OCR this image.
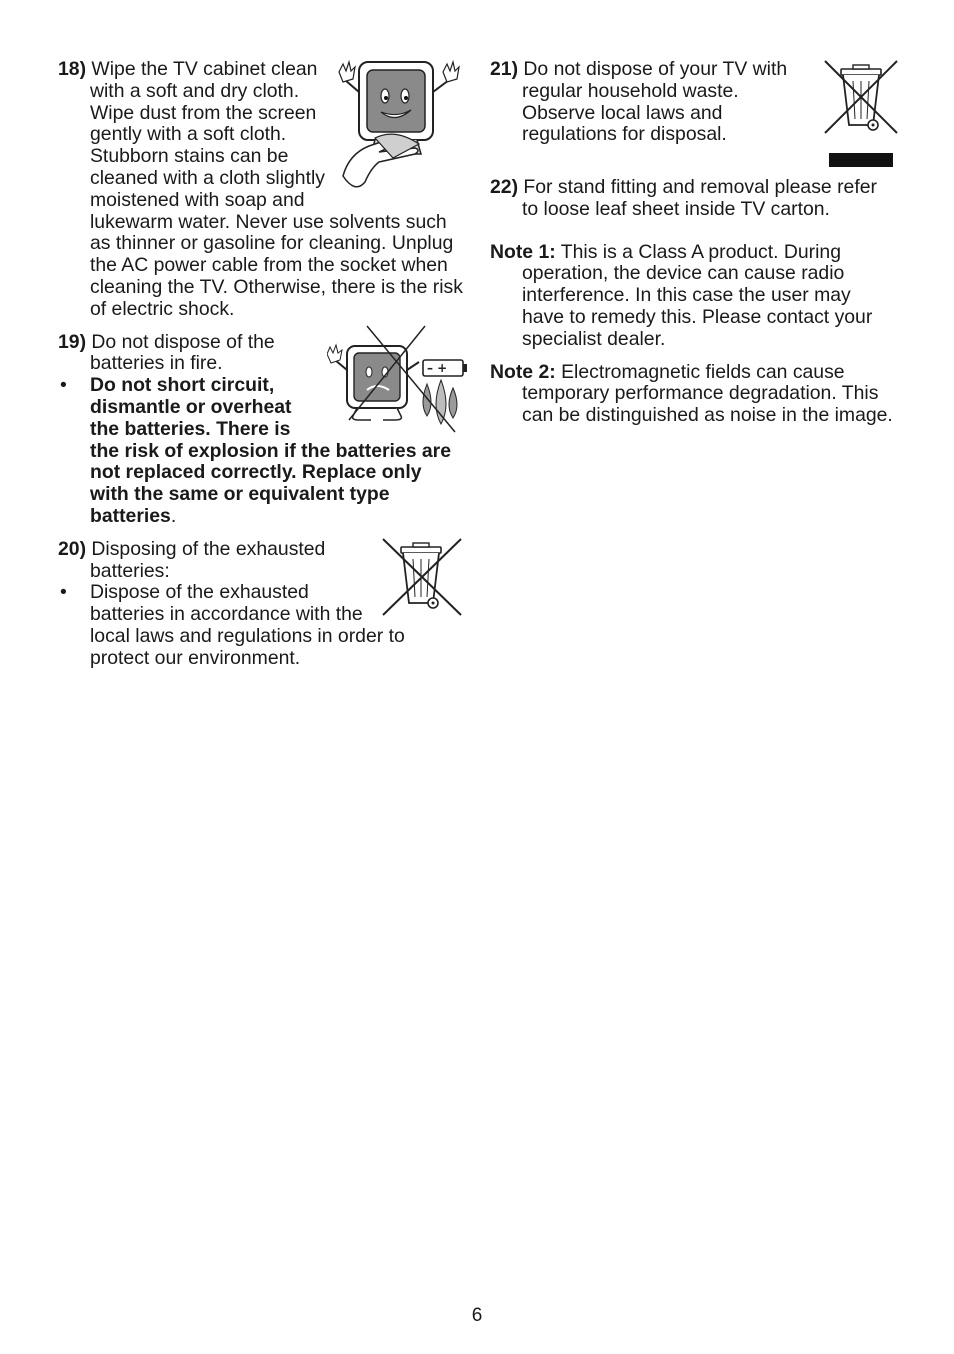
18) Wipe the TV cabinet clean with a soft and dry cloth. Wipe dust from the screen gently with a soft cloth. Stubborn stains can be cleaned with a cloth slightly moistened with soap and lukewarm water. Never use solvents such as thinner or gasoline for cleaning. Unplug the AC power cable from the socket when cleaning the TV. Otherwise, there is the risk of electric shock.

– +

19) Do not dispose of the batteries in fire.

• Do not short circuit, dismantle or overheat the batteries. There is the risk of explosion if the batteries are not replaced correctly. Replace only with the same or equivalent type batteries.

20) Disposing of the exhausted batteries:

• Dispose of the exhausted batteries in accordance with the local laws and regulations in order to protect our environment.

21) Do not dispose of your TV with regular household waste. Observe local laws and regulations for disposal.

22) For stand fitting and removal please refer to loose leaf sheet inside TV carton.

Note 1: This is a Class A product. During operation, the device can cause radio interference. In this case the user may have to remedy this. Please contact your specialist dealer.

Note 2: Electromagnetic fields can cause temporary performance degradation. This can be distinguished as noise in the image.

6
